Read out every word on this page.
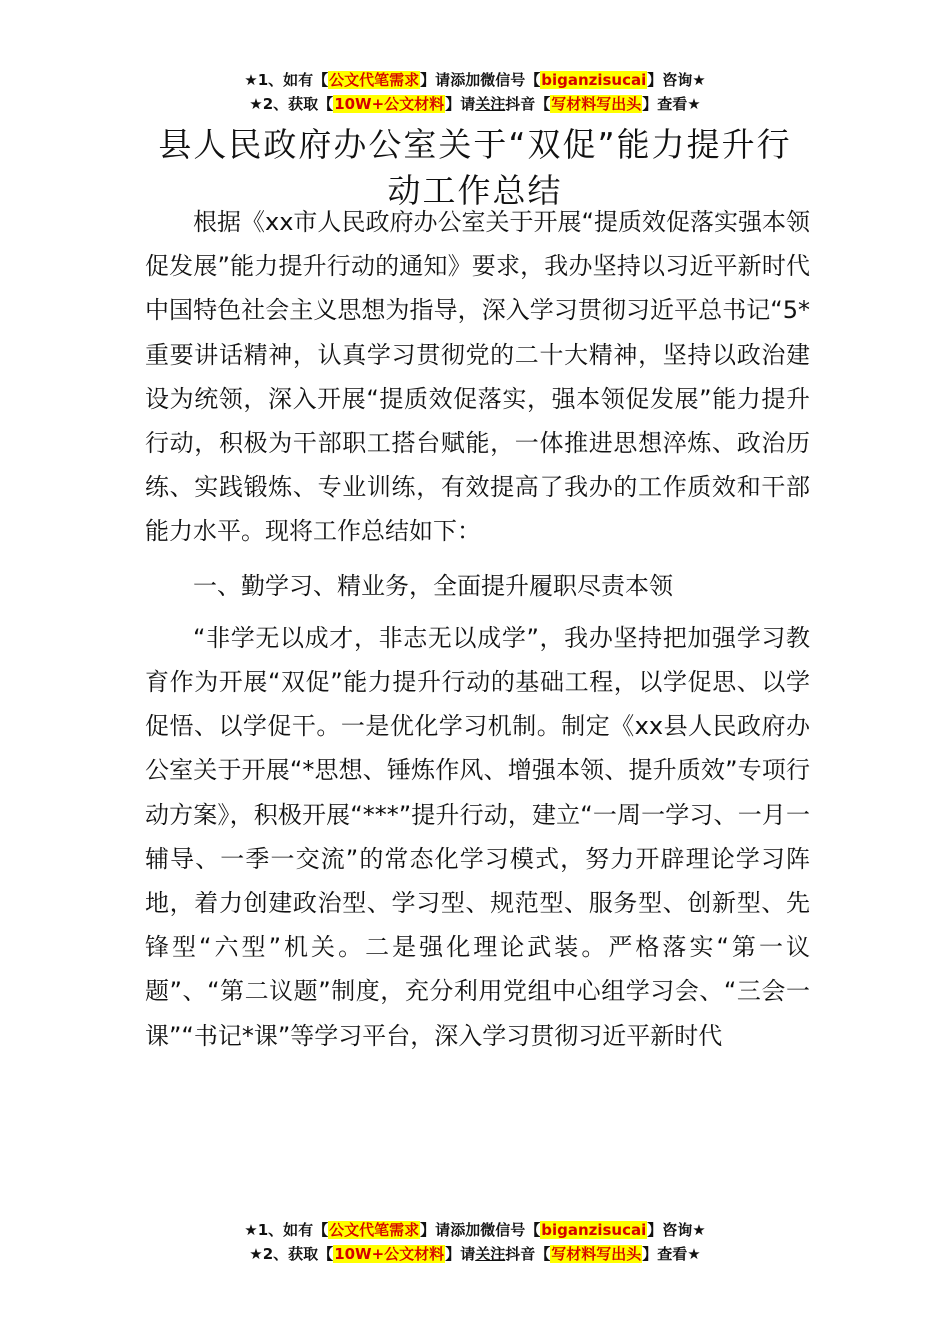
★1、如有【公文代笔需求】请添加微信号【biganzisucai】咨询★
★2、获取【10W+公文材料】请关注抖音【写材料写出头】查看★
县人民政府办公室关于“双促”能力提升行
动工作总结

根据《xx市人民政府办公室关于开展“提质效促落实强本领促发展”能力提升行动的通知》要求，我办坚持以习近平新时代中国特色社会主义思想为指导，深入学习贯彻习近平总书记“5*重要讲话精神，认真学习贯彻党的二十大精神，坚持以政治建设为统领，深入开展“提质效促落实，强本领促发展”能力提升行动，积极为干部职工搭台赋能，一体推进思想淬炼、政治历练、实践锻炼、专业训练，有效提高了我办的工作质效和干部能力水平。现将工作总结如下：

一、勤学习、精业务，全面提升履职尽责本领

“非学无以成才，非志无以成学”，我办坚持把加强学习教育作为开展“双促”能力提升行动的基础工程，以学促思、以学促悟、以学促干。一是优化学习机制。制定《xx县人民政府办公室关于开展“*思想、锤炼作风、增强本领、提升质效”专项行动方案》，积极开展“***”提升行动，建立“一周一学习、一月一辅导、一季一交流”的常态化学习模式，努力开辟理论学习阵地，着力创建政治型、学习型、规范型、服务型、创新型、先锋型“六型”机关。二是强化理论武装。严格落实“第一议题”、“第二议题”制度，充分利用党组中心组学习会、“三会一课”“书记*课”等学习平台，深入学习贯彻习近平新时代

★1、如有【公文代笔需求】请添加微信号【biganzisucai】咨询★
★2、获取【10W+公文材料】请关注抖音【写材料写出头】查看★
